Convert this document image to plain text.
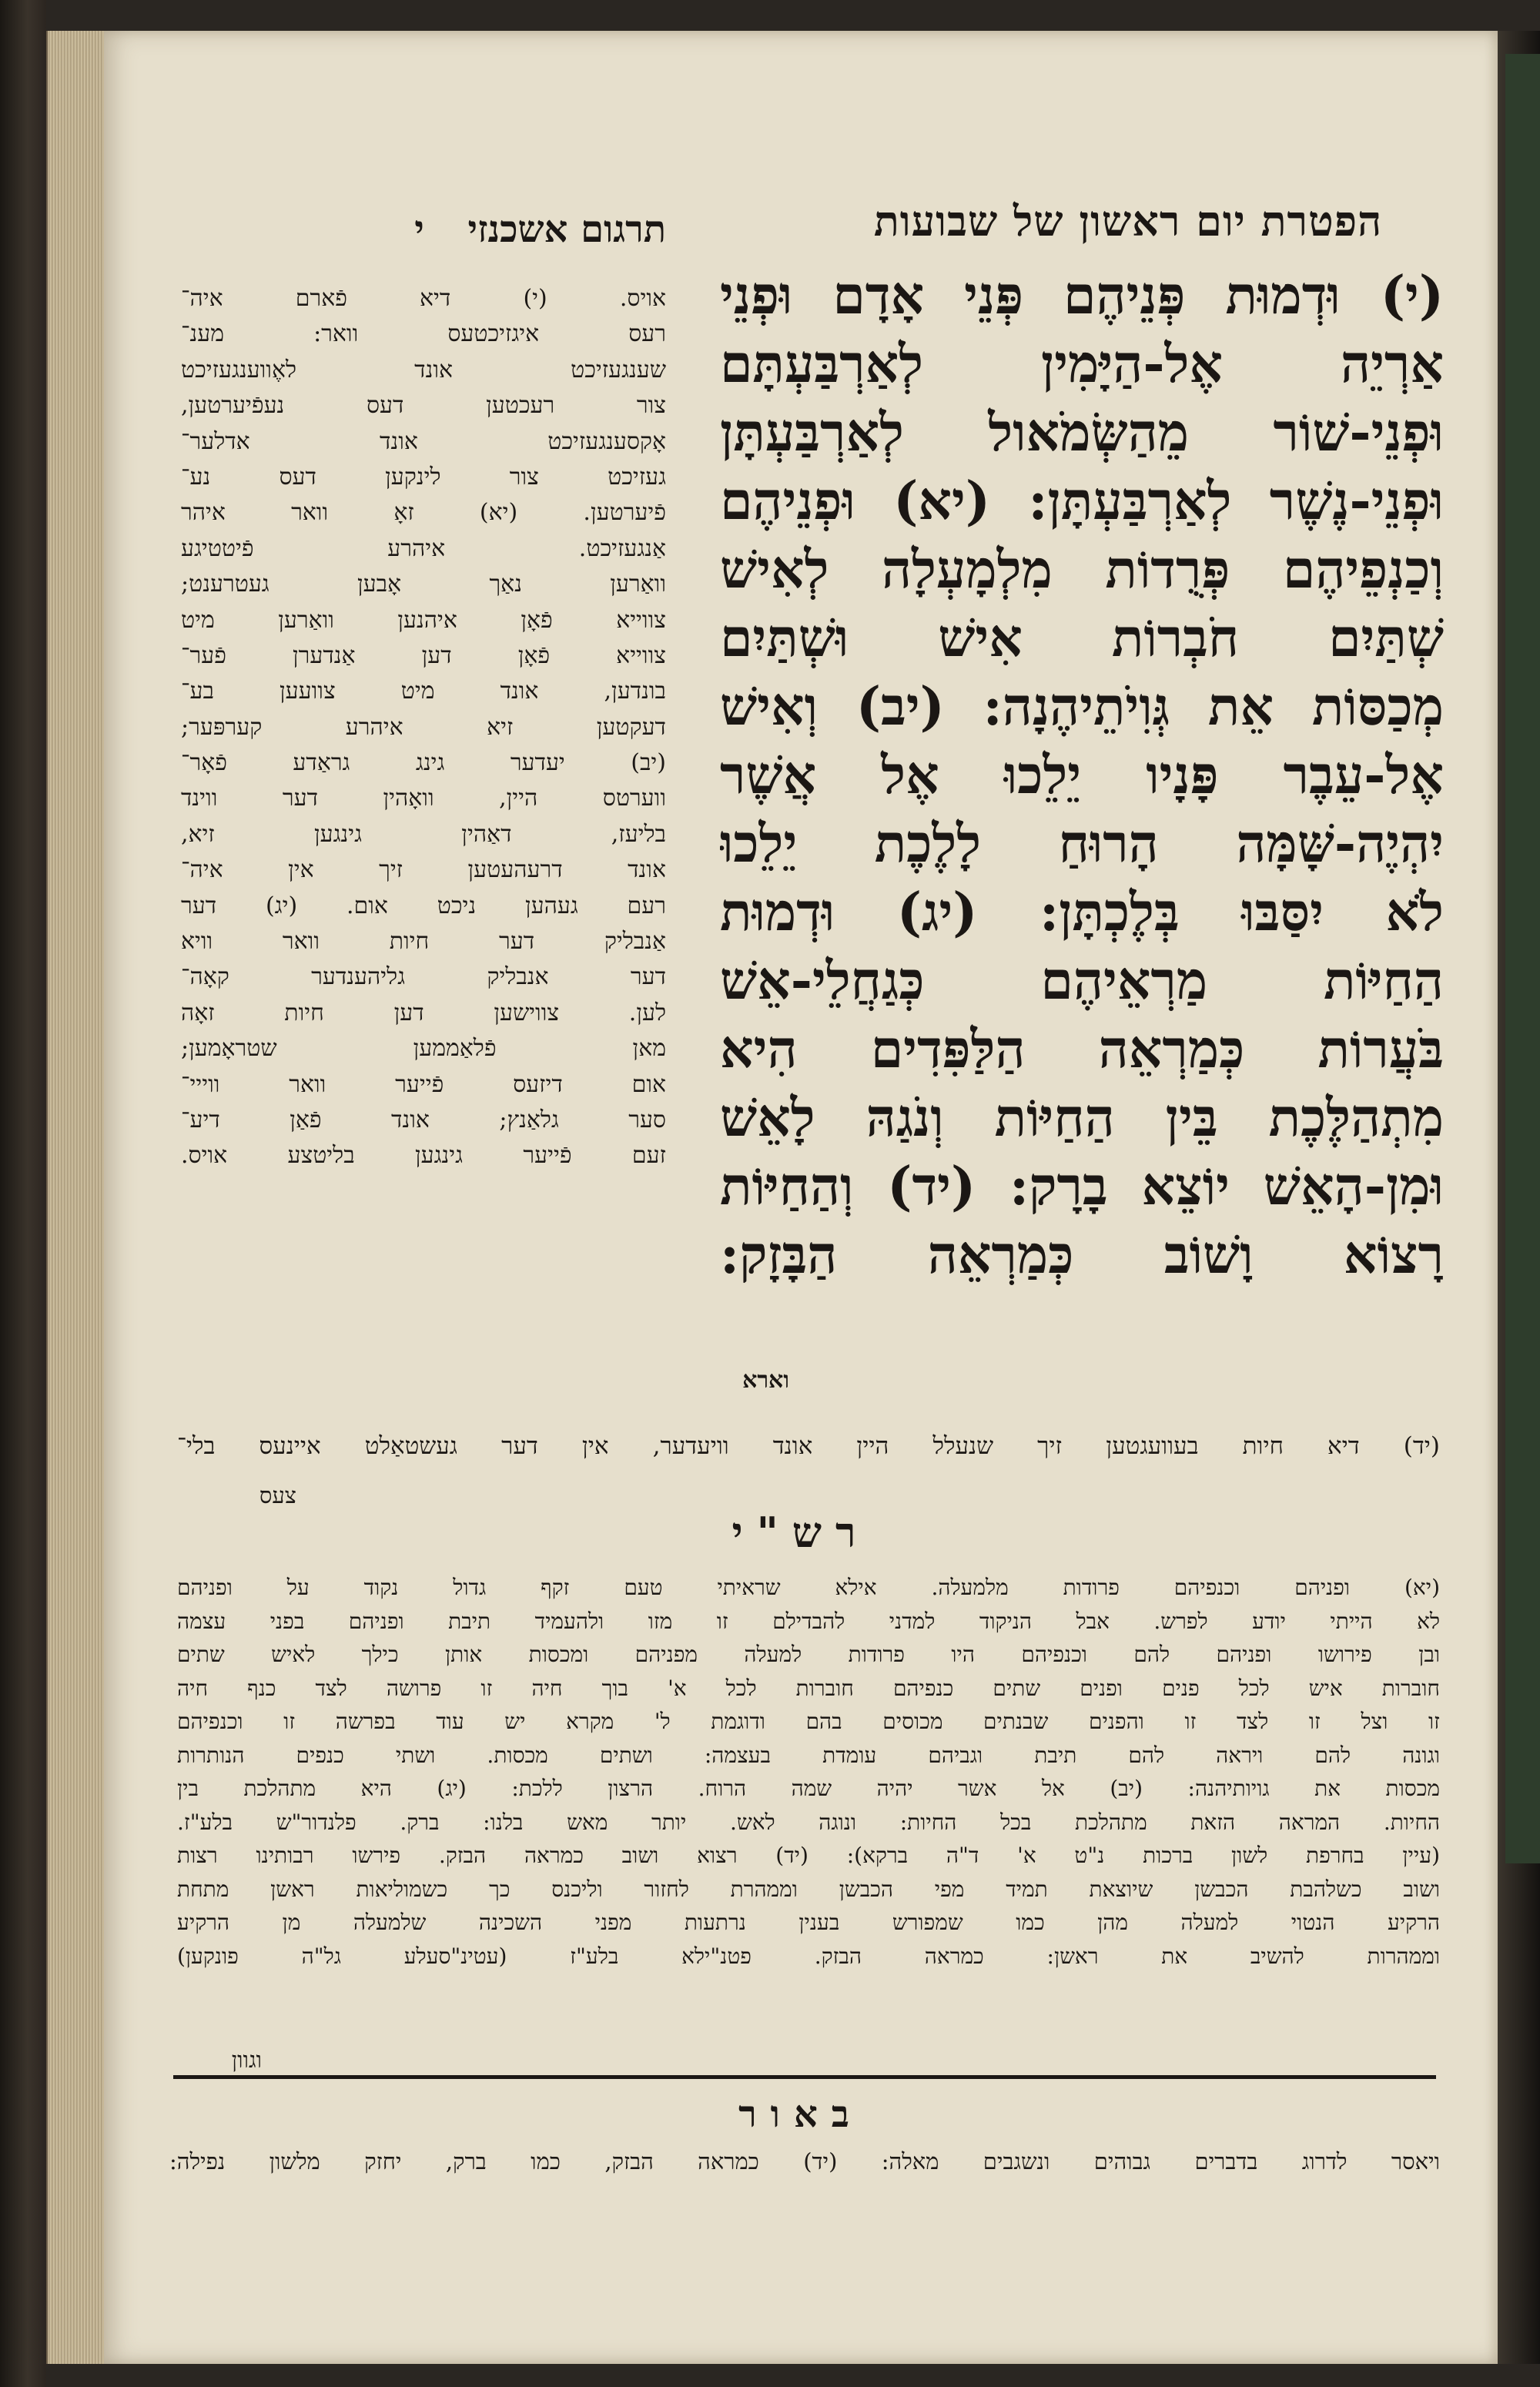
הפטרת יום ראשון של שבועות
תרגום אשכנזי י
(י) וּדְמוּת פְּנֵיהֶם פְּנֵי אָדָם וּפְנֵי
אַרְיֵה אֶל-הַיָּמִין לְאַרְבַּעְתָּם
וּפְנֵי-שׁוֹר מֵהַשְּׂמֹאול לְאַרְבַּעְתָּן
וּפְנֵי-נֶשֶׁר לְאַרְבַּעְתָּן: (יא) וּפְנֵיהֶם
וְכַנְפֵיהֶם פְּרֻדוֹת מִלְמָעְלָה לְאִישׁ
שְׁתַּיִם חֹבְרוֹת אִישׁ וּשְׁתַּיִם
מְכַסּוֹת אֵת גְּוִיֹתֵיהֶנָה: (יב) וְאִישׁ
אֶל-עֵבֶר פָּנָיו יֵלֵכוּ אֶל אֲשֶׁר
יִהְיֶה-שָּׁמָּה הָרוּחַ לָלֶכֶת יֵלֵכוּ
לֹא יִסַּבּוּ בְּלֶכְתָּן: (יג) וּדְמוּת
הַחַיּוֹת מַרְאֵיהֶם כְּגַחֲלֵי-אֵשׁ
בֹּעֲרוֹת כְּמַרְאֵה הַלַּפִּדִים הִיא
מִתְהַלֶּכֶת בֵּין הַחַיּוֹת וְנֹגַהּ לָאֵשׁ
וּמִן-הָאֵשׁ יוֹצֵא בָרָק: (יד) וְהַחַיּוֹת
רָצוֹא וָשׁוֹב כְּמַרְאֵה הַבָּזָק:
וארא
אויס. (י) דיא פֿארם איה־
רעס איגזיכטעס וואר: מענ־
שענגעזיכט אונד לאֶווענגעזיכט
צור רעכטען דעס נעפֿיערטען,
אָקסענגעזיכט אונד אדלער־
געזיכט צור לינקען דעס נע־
פֿיערטען. (יא) זאָ וואר איהר
אַנגעזיכט. איהרע פֿיטטיגע
וואַרען נאַך אָבען געטרענט;
צווייא פֿאָן איהנען וואַרען מיט
צווייא פֿאָן דען אַנדערן פֿער־
בונדען, אונד מיט צוועען בע־
דעקטען זיא איהרע קערפּער;
(יב) יעדער גינג גראַדע פֿאָר־
ווערטס היין, וואָהין דער ווינד
בליעז, דאַהין גינגען זיא,
אונד דרעהעטען זיך אין איה־
רעם געהען ניכט אום. (יג) דער
אַנבליק דער חיות וואר וויא
דער אנבליק גליהענדער קאָה־
לען. צווישען דען חיות זאָה
מאן פֿלאַממען שטראָמען;
אום דיזעס פֿייער וואר ווייי־
סער גלאַנץ; אונד פֿאַן דיע־
זעם פֿייער גינגען בליטצע אויס.
(יד) דיא חיות בעוועגטען זיך שנעלל היין אונד וויעדער, אין דער געשטאַלט איינעס בלי־
צעס
רש"י
(יא) ופניהם וכנפיהם פרודות מלמעלה. אילא שראיתי טעם זקף גדול נקוד על ופניהם
לא הייתי יודע לפרש. אבל הניקוד למדני להבדילם זו מזו ולהעמיד תיבת ופניהם בפני עצמה
ובן פירושו ופניהם להם וכנפיהם היו פרודות למעלה מפניהם ומכסות אותן כילך לאיש שתים
חוברות איש לכל פנים ופנים שתים כנפיהם חוברות לכל א' בוך חיה זו פרושה לצד כנף חיה
זו וצל זו לצד זו והפנים שבנתים מכוסים בהם ודוגמת ל' מקרא יש עוד בפרשה זו וכנפיהם
וגונה להם ויראה להם תיבת וגביהם עומדת בעצמה: ושתים מכסות. ושתי כנפים הנותרות
מכסות את גויותיהנה: (יב) אל אשר יהיה שמה הרוח. הרצון ללכת: (יג) היא מתהלכת בין
החיות. המראה הזאת מתהלכת בכל החיות: ונוגה לאש. יותר מאש בלנו: ברק. פלנדור"ש בלע"ז.
(עיין בחרפת לשון ברכות נ"ט א' ד"ה ברקא): (יד) רצוא ושוב כמראה הבזק. פירשו רבותינו רצות
ושוב כשלהבת הכבשן שיוצאת תמיד מפי הכבשן וממהרת לחזור וליכנס כך כשמוליאות ראשן מתחת
הרקיע הנטוי למעלה מהן כמו שמפורש בענין נרתעות מפני השכינה שלמעלה מן הרקיע
וממהרות להשיב את ראשן: כמראה הבזק. פטנ"ילא בלע"ז (עטינ"סעלע גל"ה פונקען)
וגוון
באור
ויאסר לדרוג בדברים גבוהים ונשגבים מאלה: (יד) כמראה הבזק, כמו ברק, יחזק מלשון נפילה:
